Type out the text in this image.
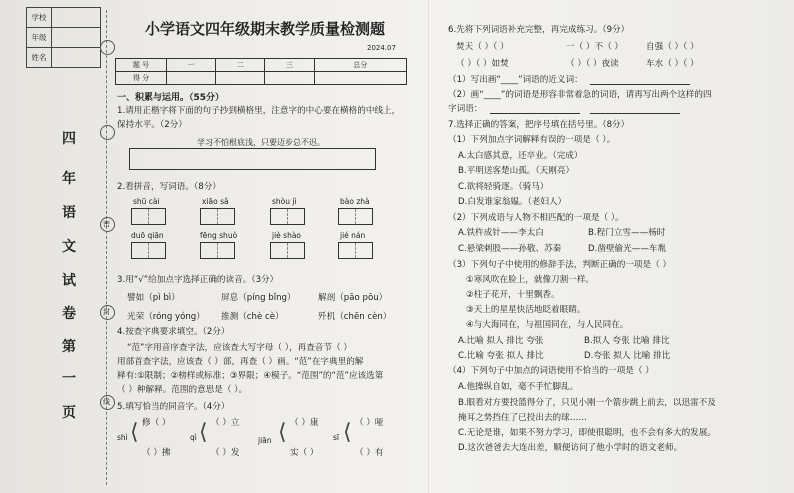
学校
年级
姓名
四
年
语
文
试
卷
第
一
页
密
封
线
小学语文四年级期末教学质量检测题
2024.07
题 号	一	二	三	总分
得 分				
一、积累与运用。（55分）
1.请用正楷字将下面的句子抄到横格里，注意字的中心要在横格的中线上，
保持水平。（2分）
学习不怕根底浅，只要迈步总不迟。
2.看拼音，写词语。（8分）
shū cài	xiāo sǎ	shòu jì	bào zhà
duō qiān	fēng shuò	jiè shào	jié nán
3.用“√”给加点字选择正确的读音。（3分）
譬如（pì bì）	屏息（píng bǐng）	解剖（pāo pōu）
光荣（róng yóng） 推测（chè cè）	歼机（chēn cèn）
4.按查字典要求填空。（2分）
“范”字用音序查字法，应该查大写字母（ ），再查音节（ ）
用部首查字法，应该查（ ）部，再查（ ）画。“范”在字典里的解
释有:①限制；②榜样或标准；③界限；④模子。“范围”的“范”应该选第
（ ）种解释。范围的意思是（ ）。
5.填写恰当的同音字。（4分）
shì ⟨ 修（ ）
（ ）拂
qì ⟨ （ ）立
（ ）发
jiān ⟨ （ ）康
实（ ）
sī ⟨ （ ）哑
（ ）有
6.先将下列词语补充完整，再完成练习。（9分）
焚天（ ）（ ）	一（ ）不（ ）	自强（ ）（ ）
（ ）（ ）如焚	（ ）（ ）夜读	车水（ ）（ ）
（1）写出画“____”词语的近义词：
（2）画“____”的词语是形容非常着急的词语，请再写出两个这样的四
字词语：
7.选择正确的答案，把序号填在括号里。（8分）
（1）下列加点字词解释有误的一项是（ ）。
A.太白感其意，还卒业。（完成）
B.平明送客楚山孤。（天刚亮）
C.欲将轻骑逐。（骑马）
D.白发谁家翁媪。（老妇人）
（2）下列成语与人物不相匹配的一项是（ ）。
A.铁杵成针——李太白	B.程门立雪——杨时
C.悬梁刺股——孙敬、苏秦	D.凿壁偷光——车胤
（3）下列句子中使用的修辞手法，判断正确的一项是（ ）
①寒风吹在脸上，就像刀割一样。
②柱子花开，十里飘香。
③天上的星星快活地眨着眼睛。
④与大海同在，与祖国同在，与人民同在。
A.比喻 拟人 排比 夸张	B.拟人 夸张 比喻 排比
C.比喻 夸张 拟人 排比	D.夸张 拟人 比喻 排比
（4）下列句子中加点的词语使用不恰当的一项是（ ）
A.他操纵自如，毫不手忙脚乱。
B.眼看对方要投篮得分了，只见小刚一个箭步跳上前去，以迅雷不及
掩耳之势挡住了已投出去的球……
C.无论是谁，如果不努力学习，即使很聪明，也不会有多大的发展。
D.这次爸爸去大连出差，顺便访问了他小学时的语文老师。
